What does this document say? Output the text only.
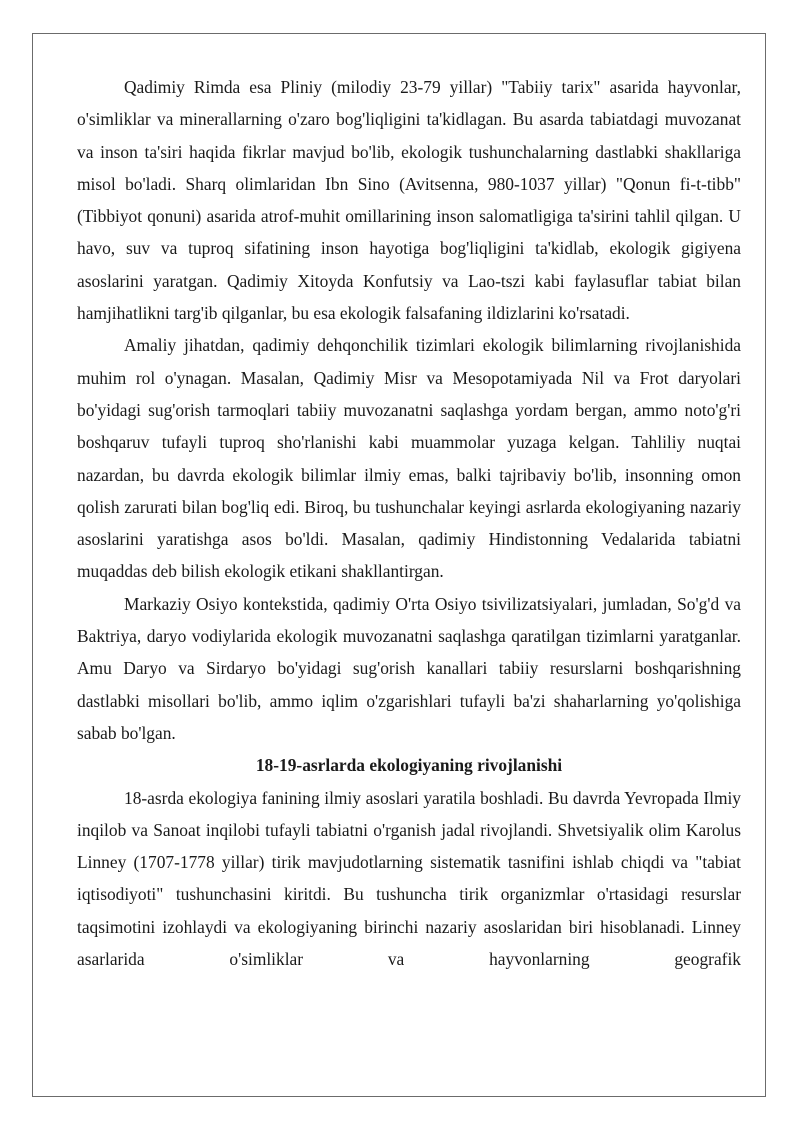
Qadimiy Rimda esa Pliniy (milodiy 23-79 yillar) "Tabiiy tarix" asarida hayvonlar, o'simliklar va minerallarning o'zaro bog'liqligini ta'kidlagan. Bu asarda tabiatdagi muvozanat va inson ta'siri haqida fikrlar mavjud bo'lib, ekologik tushunchalarning dastlabki shakllariga misol bo'ladi. Sharq olimlaridan Ibn Sino (Avitsenna, 980-1037 yillar) "Qonun fi-t-tibb" (Tibbiyot qonuni) asarida atrof-muhit omillarining inson salomatligiga ta'sirini tahlil qilgan. U havo, suv va tuproq sifatining inson hayotiga bog'liqligini ta'kidlab, ekologik gigiyena asoslarini yaratgan. Qadimiy Xitoyda Konfutsiy va Lao-tszi kabi faylasuflar tabiat bilan hamjihatlikni targ'ib qilganlar, bu esa ekologik falsafaning ildizlarini ko'rsatadi.

Amaliy jihatdan, qadimiy dehqonchilik tizimlari ekologik bilimlarning rivojlanishida muhim rol o'ynagan. Masalan, Qadimiy Misr va Mesopotamiyada Nil va Frot daryolari bo'yidagi sug'orish tarmoqlari tabiiy muvozanatni saqlashga yordam bergan, ammo noto'g'ri boshqaruv tufayli tuproq sho'rlanishi kabi muammolar yuzaga kelgan. Tahliliy nuqtai nazardan, bu davrda ekologik bilimlar ilmiy emas, balki tajribaviy bo'lib, insonning omon qolish zarurati bilan bog'liq edi. Biroq, bu tushunchalar keyingi asrlarda ekologiyaning nazariy asoslarini yaratishga asos bo'ldi. Masalan, qadimiy Hindistonning Vedalarida tabiatni muqaddas deb bilish ekologik etikani shakllantirgan.

Markaziy Osiyo kontekstida, qadimiy O'rta Osiyo tsivilizatsiyalari, jumladan, So'g'd va Baktriya, daryo vodiylarida ekologik muvozanatni saqlashga qaratilgan tizimlarni yaratganlar. Amu Daryo va Sirdaryo bo'yidagi sug'orish kanallari tabiiy resurslarni boshqarishning dastlabki misollari bo'lib, ammo iqlim o'zgarishlari tufayli ba'zi shaharlarning yo'qolishiga sabab bo'lgan.

18-19-asrlarda ekologiyaning rivojlanishi

18-asrda ekologiya fanining ilmiy asoslari yaratila boshladi. Bu davrda Yevropada Ilmiy inqilob va Sanoat inqilobi tufayli tabiatni o'rganish jadal rivojlandi. Shvetsiyalik olim Karolus Linney (1707-1778 yillar) tirik mavjudotlarning sistematik tasnifini ishlab chiqdi va "tabiat iqtisodiyoti" tushunchasini kiritdi. Bu tushuncha tirik organizmlar o'rtasidagi resurslar taqsimotini izohlaydi va ekologiyaning birinchi nazariy asoslaridan biri hisoblanadi. Linney asarlarida o'simliklar va hayvonlarning geografik
